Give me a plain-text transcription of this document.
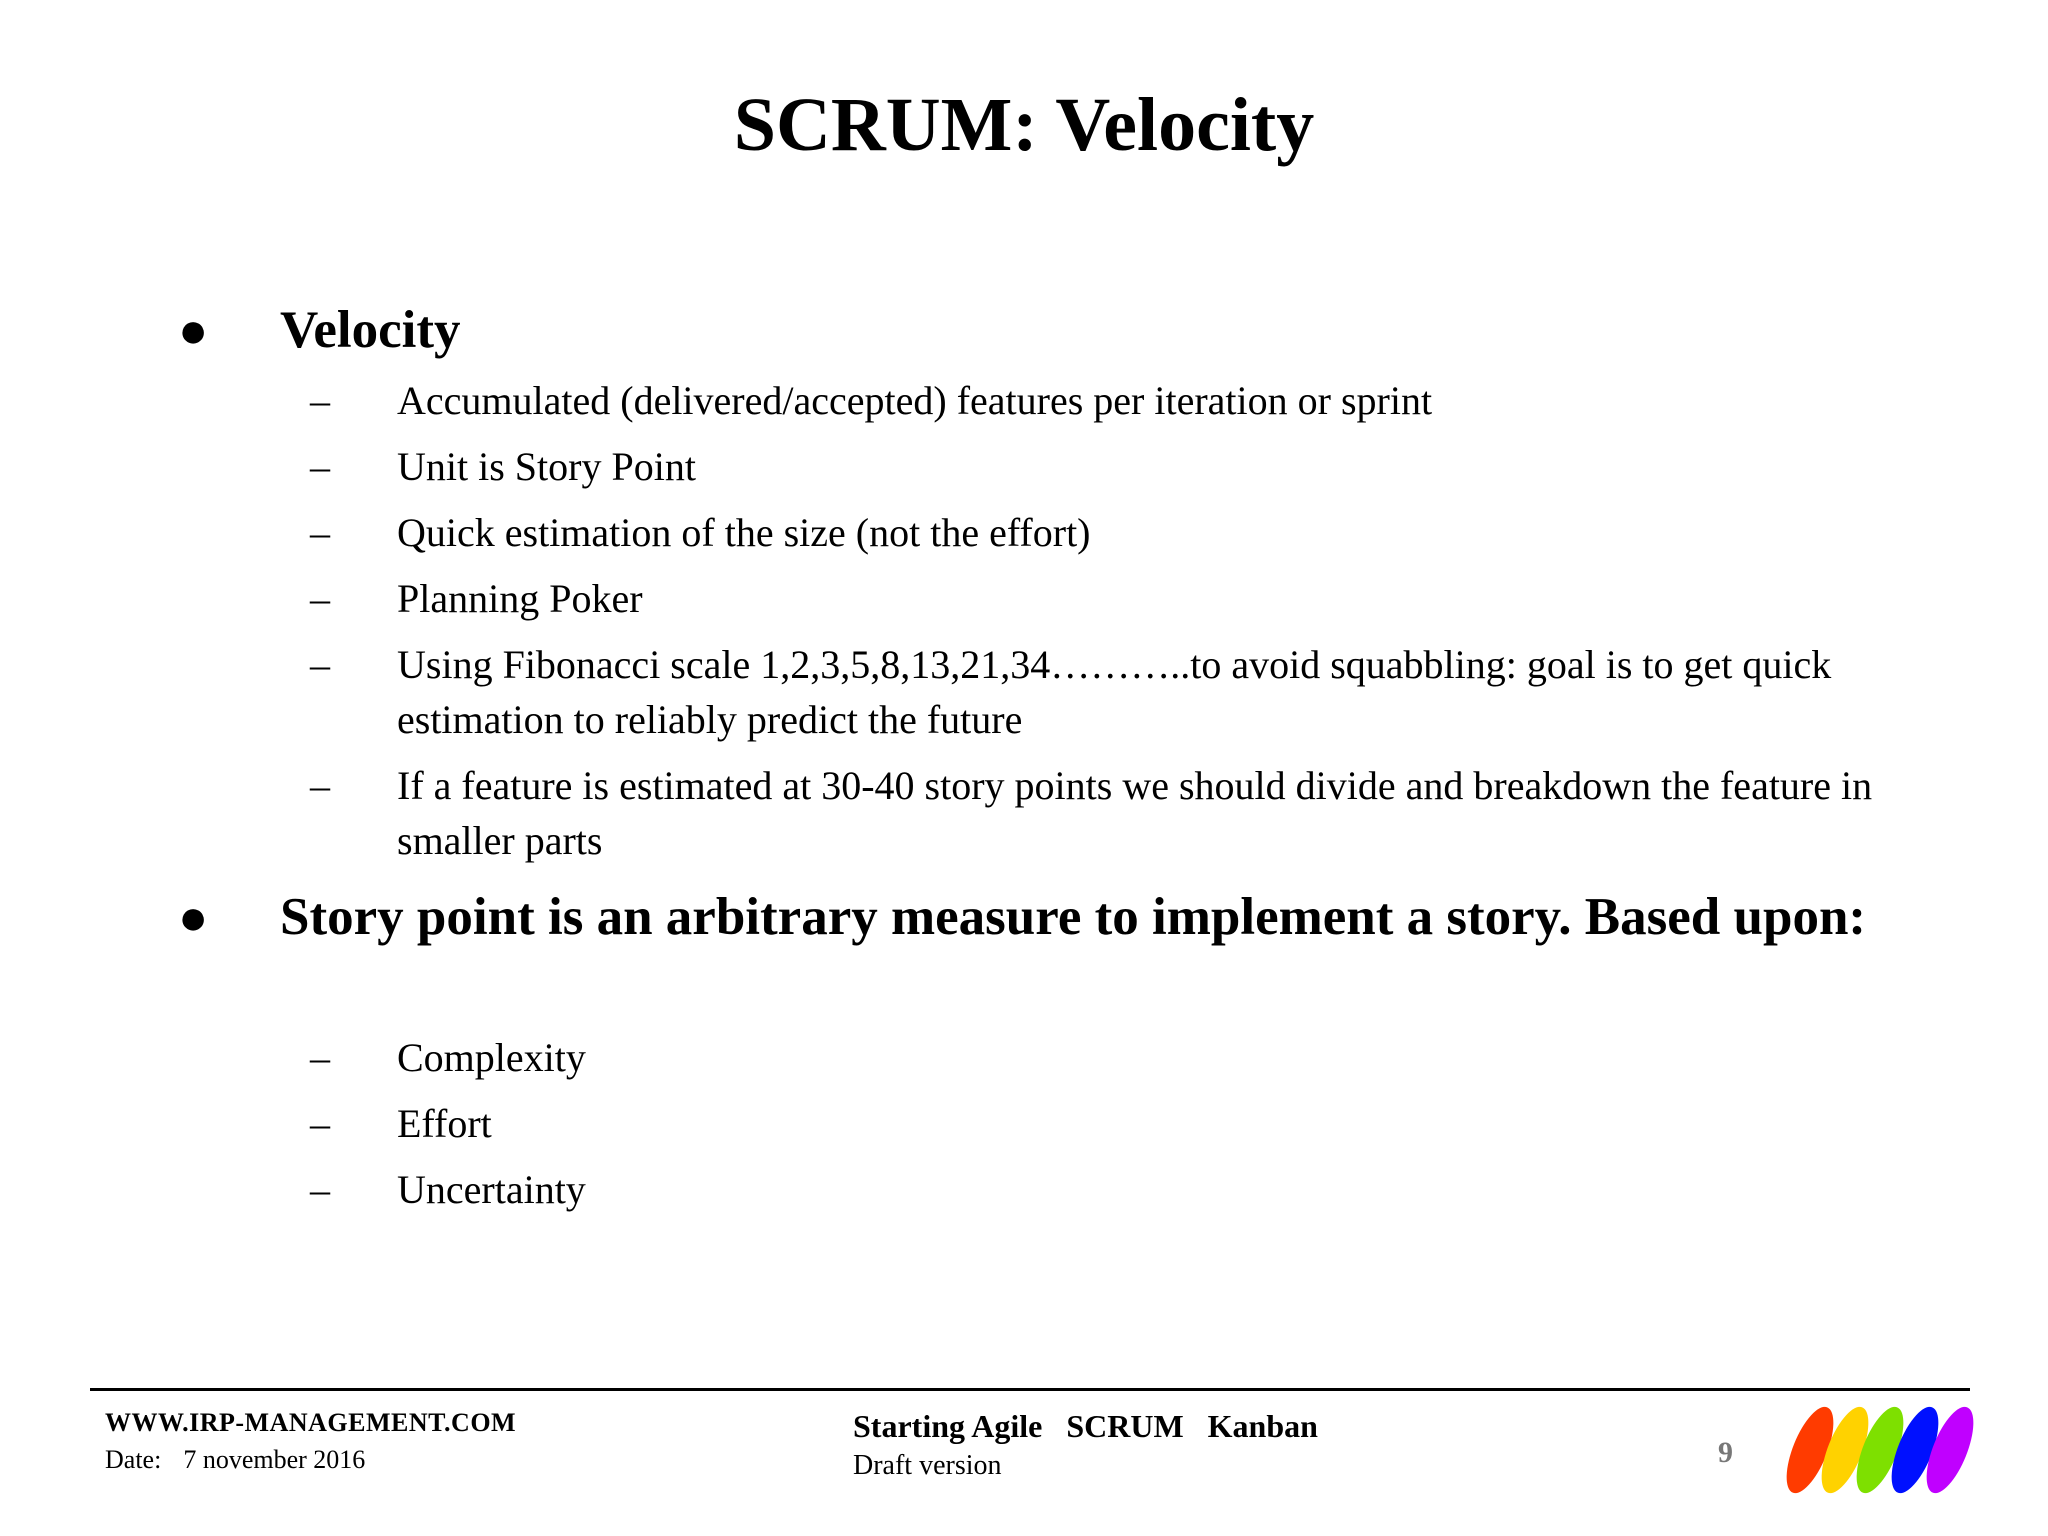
SCRUM: Velocity
● Velocity
–	Accumulated (delivered/accepted) features per iteration or sprint
–	Unit is Story Point
–	Quick estimation of the size (not the effort)
–	Planning Poker
–	Using Fibonacci scale 1,2,3,5,8,13,21,34………..to avoid squabbling: goal is to get quick estimation to reliably predict the future
–	If a feature is estimated at 30-40 story points we should divide and breakdown the feature in smaller parts
● Story point is an arbitrary measure to implement a story. Based upon:
–	Complexity
–	Effort
–	Uncertainty
WWW.IRP-MANAGEMENT.COM
Date: 7 november 2016
Starting Agile   SCRUM   Kanban
Draft version	9
